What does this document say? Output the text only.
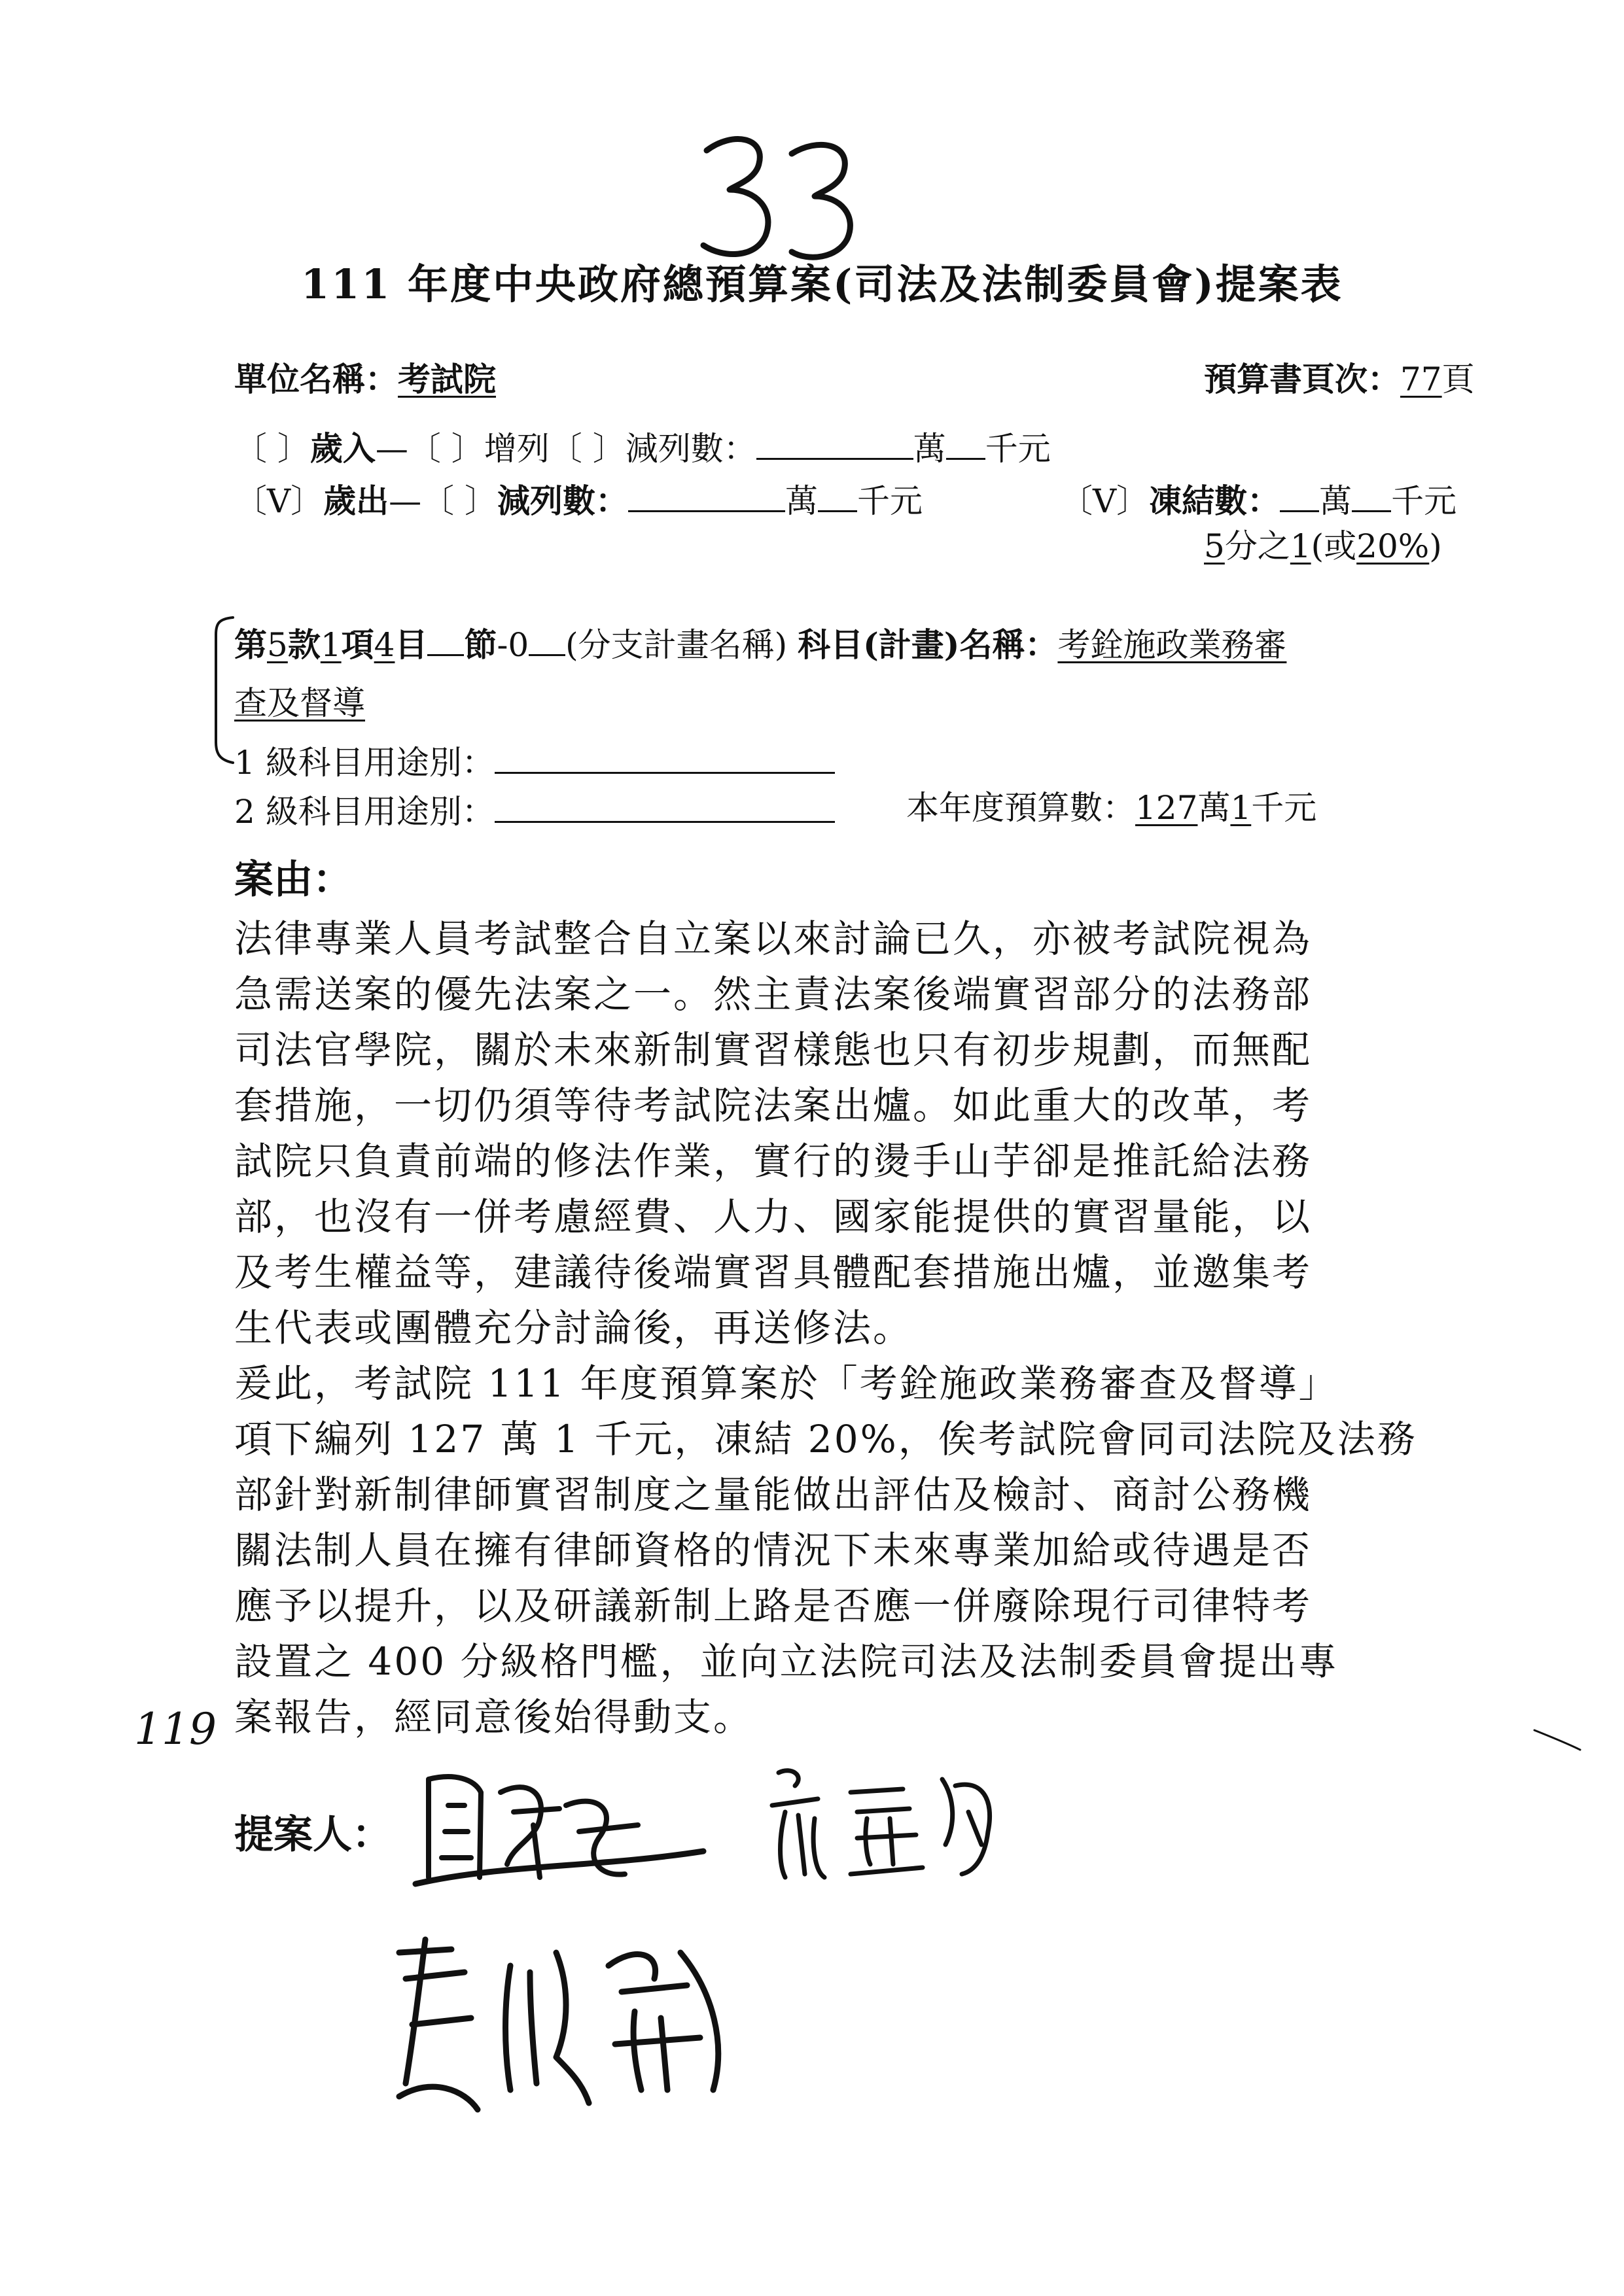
111 年度中央政府總預算案(司法及法制委員會)提案表
單位名稱：考試院	預算書頁次：77頁
〔 〕歲入—〔 〕增列〔 〕減列數：	萬 千元
〔V〕歲出—〔 〕減列數：	萬 千元	〔V〕凍結數： 萬 千元
5分之1(或20%)
第5款1項4目 節-0 (分支計畫名稱) 科目(計畫)名稱：考銓施政業務審
查及督導
1 級科目用途別：
2 級科目用途別：	本年度預算數：127萬1千元
案由：
法律專業人員考試整合自立案以來討論已久，亦被考試院視為
急需送案的優先法案之一。然主責法案後端實習部分的法務部
司法官學院，關於未來新制實習樣態也只有初步規劃，而無配
套措施，一切仍須等待考試院法案出爐。如此重大的改革，考
試院只負責前端的修法作業，實行的燙手山芋卻是推託給法務
部，也沒有一併考慮經費、人力、國家能提供的實習量能，以
及考生權益等，建議待後端實習具體配套措施出爐，並邀集考
生代表或團體充分討論後，再送修法。
爰此，考試院 111 年度預算案於「考銓施政業務審查及督導」
項下編列 127 萬 1 千元，凍結 20%，俟考試院會同司法院及法務
部針對新制律師實習制度之量能做出評估及檢討、商討公務機
關法制人員在擁有律師資格的情況下未來專業加給或待遇是否
應予以提升，以及研議新制上路是否應一併廢除現行司律特考
設置之 400 分級格門檻，並向立法院司法及法制委員會提出專
案報告，經同意後始得動支。
119
提案人：
